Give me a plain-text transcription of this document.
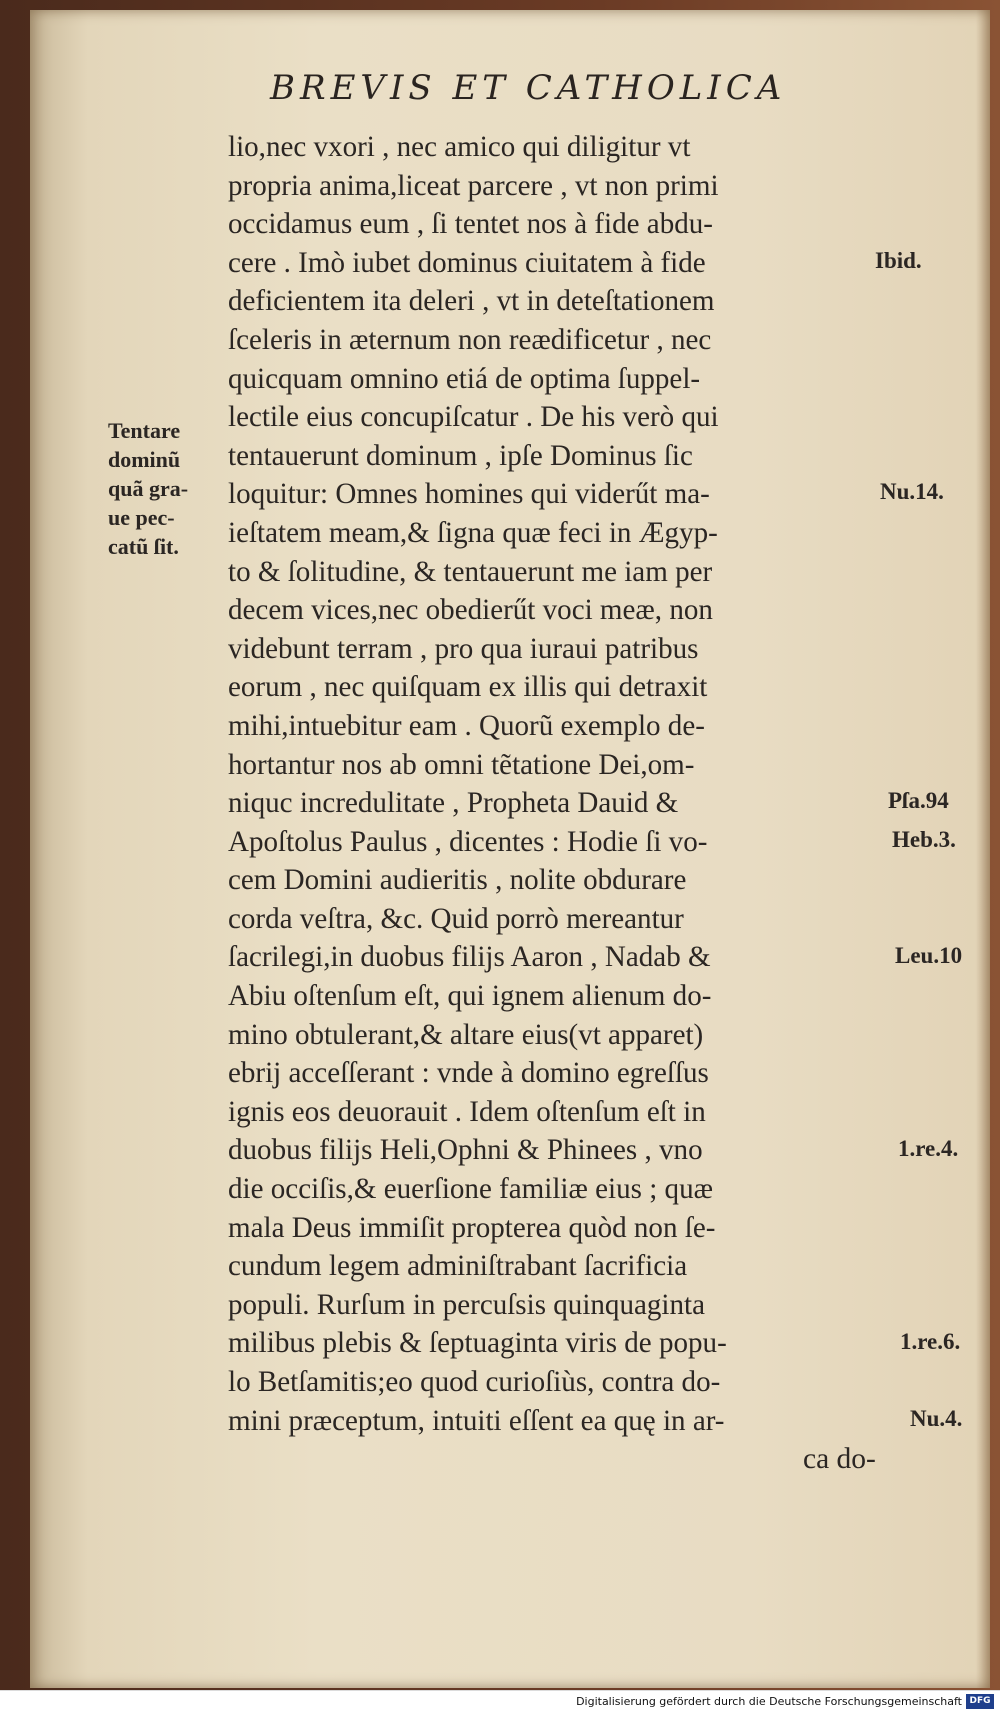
BREVIS ET CATHOLICA
lio,nec vxori , nec amico qui diligitur vt
propria anima,liceat parcere , vt non primi
occidamus eum , ſi tentet nos à fide abdu-
cere . Imò iubet dominus ciuitatem à fide
deficientem ita deleri , vt in deteſtationem
ſceleris in æternum non reædificetur , nec
quicquam omnino etiá de optima ſuppel-
lectile eius concupiſcatur . De his verò qui
tentauerunt dominum , ipſe Dominus ſic
loquitur: Omnes homines qui viderűt ma-
ieſtatem meam,& ſigna quæ feci in Ægyp-
to & ſolitudine, & tentauerunt me iam per
decem vices,nec obedierűt voci meæ, non
videbunt terram , pro qua iuraui patribus
eorum , nec quiſquam ex illis qui detraxit
mihi,intuebitur eam . Quorũ exemplo de-
hortantur nos ab omni tẽtatione Dei,om-
niquc incredulitate , Propheta Dauid &
Apoſtolus Paulus , dicentes : Hodie ſi vo-
cem Domini audieritis , nolite obdurare
corda veſtra, &c. Quid porrò mereantur
ſacrilegi,in duobus filijs Aaron , Nadab &
Abiu oſtenſum eſt, qui ignem alienum do-
mino obtulerant,& altare eius(vt apparet)
ebrij acceſſerant : vnde à domino egreſſus
ignis eos deuorauit . Idem oſtenſum eſt in
duobus filijs Heli,Ophni & Phinees , vno
die occiſis,& euerſione familiæ eius ; quæ
mala Deus immiſit propterea quòd non ſe-
cundum legem adminiſtrabant ſacrificia
populi. Rurſum in percuſsis quinquaginta
milibus plebis & ſeptuaginta viris de popu-
lo Betſamitis;eo quod curioſiùs, contra do-
mini præceptum, intuiti eſſent ea quę in ar-
ca do-
Tentare
dominũ
quã gra-
ue pec-
catũ ſit.
Ibid.
Nu.14.
Pſa.94
Heb.3.
Leu.10
1.re.4.
1.re.6.
Nu.4.
Digitalisierung gefördert durch die Deutsche Forschungsgemeinschaft DFG
